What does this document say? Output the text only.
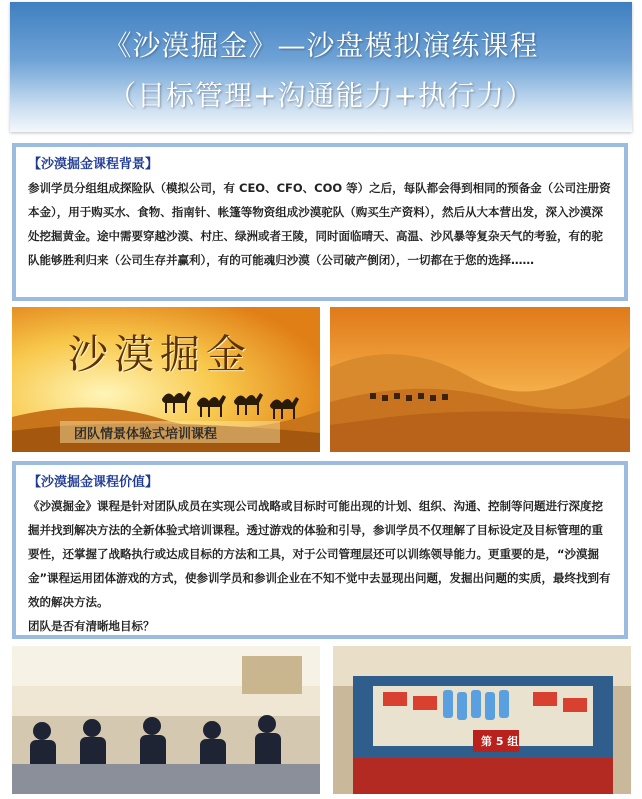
《沙漠掘金》—沙盘模拟演练课程
（目标管理+沟通能力+执行力）
【沙漠掘金课程背景】

参训学员分组组成探险队（模拟公司，有 CEO、CFO、COO 等）之后，每队都会得到相同的预备金（公司注册资本金），用于购买水、食物、指南针、帐篷等物资组成沙漠驼队（购买生产资料），然后从大本营出发，深入沙漠深处挖掘黄金。途中需要穿越沙漠、村庄、绿洲或者王陵，同时面临晴天、高温、沙风暴等复杂天气的考验，有的驼队能够胜利归来（公司生存并赢利），有的可能魂归沙漠（公司破产倒闭），一切都在于您的选择……

沙漠掘金
团队情景体验式培训课程
【沙漠掘金课程价值】

《沙漠掘金》课程是针对团队成员在实现公司战略或目标时可能出现的计划、组织、沟通、控制等问题进行深度挖掘并找到解决方法的全新体验式培训课程。透过游戏的体验和引导，参训学员不仅理解了目标设定及目标管理的重要性，还掌握了战略执行或达成目标的方法和工具，对于公司管理层还可以训练领导能力。更重要的是，“沙漠掘金”课程运用团体游戏的方式，使参训学员和参训企业在不知不觉中去显现出问题，发掘出问题的实质，最终找到有效的解决方法。

团队是否有清晰地目标？

第 5 组
